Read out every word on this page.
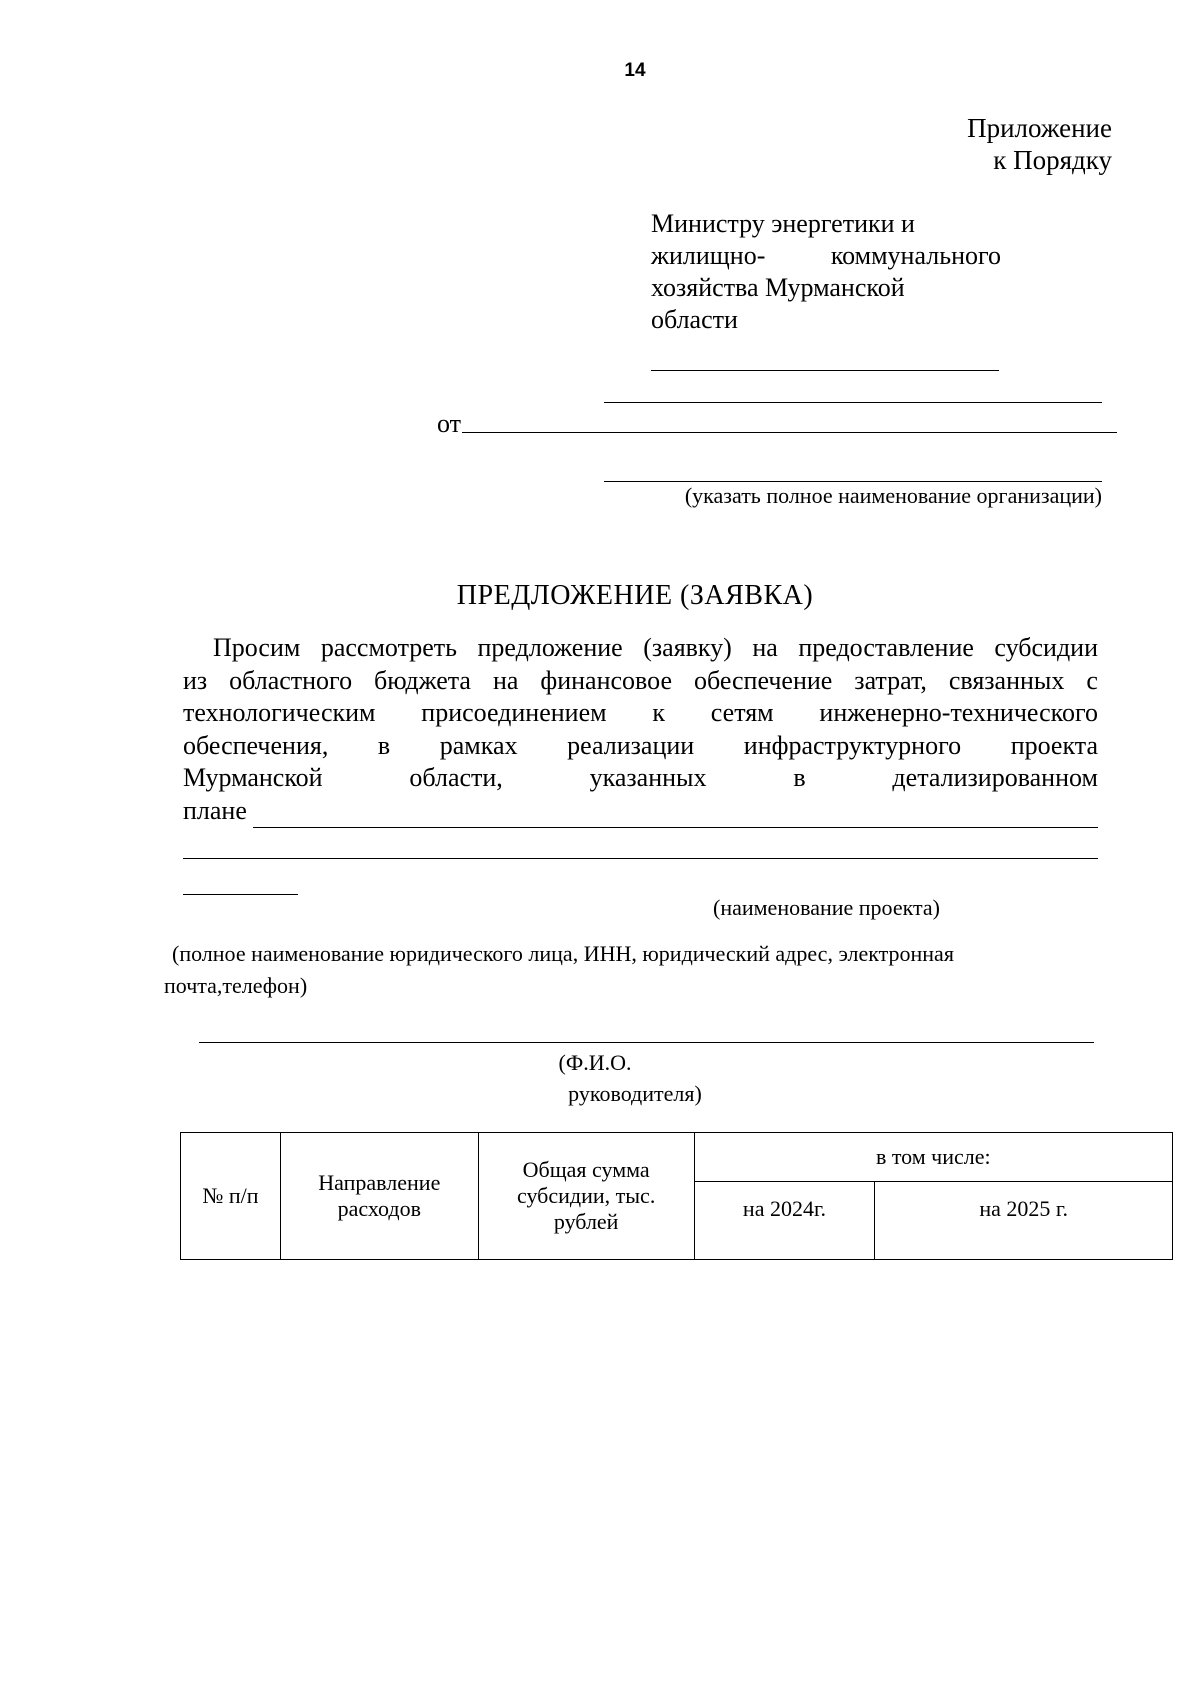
14
Приложение
к Порядку
Министру энергетики и
жилищно-	коммунального
хозяйства Мурманской
области
от
(указать полное наименование организации)
ПРЕДЛОЖЕНИЕ (ЗАЯВКА)
Просим рассмотреть предложение (заявку) на предоставление субсидии
из областного бюджета на финансовое обеспечение затрат, связанных с
технологическим присоединением к сетям инженерно-технического
обеспечения, в рамках реализации инфраструктурного проекта
Мурманской	области,	указанных	в	детализированном
плане
(наименование проекта)
(полное наименование юридического лица, ИНН, юридический адрес, электронная
почта,телефон)
(Ф.И.О.
руководителя)
№ п/п	Направление расходов	Общая сумма субсидии, тыс. рублей	в том числе:	
			на 2024г.	на 2025 г.
